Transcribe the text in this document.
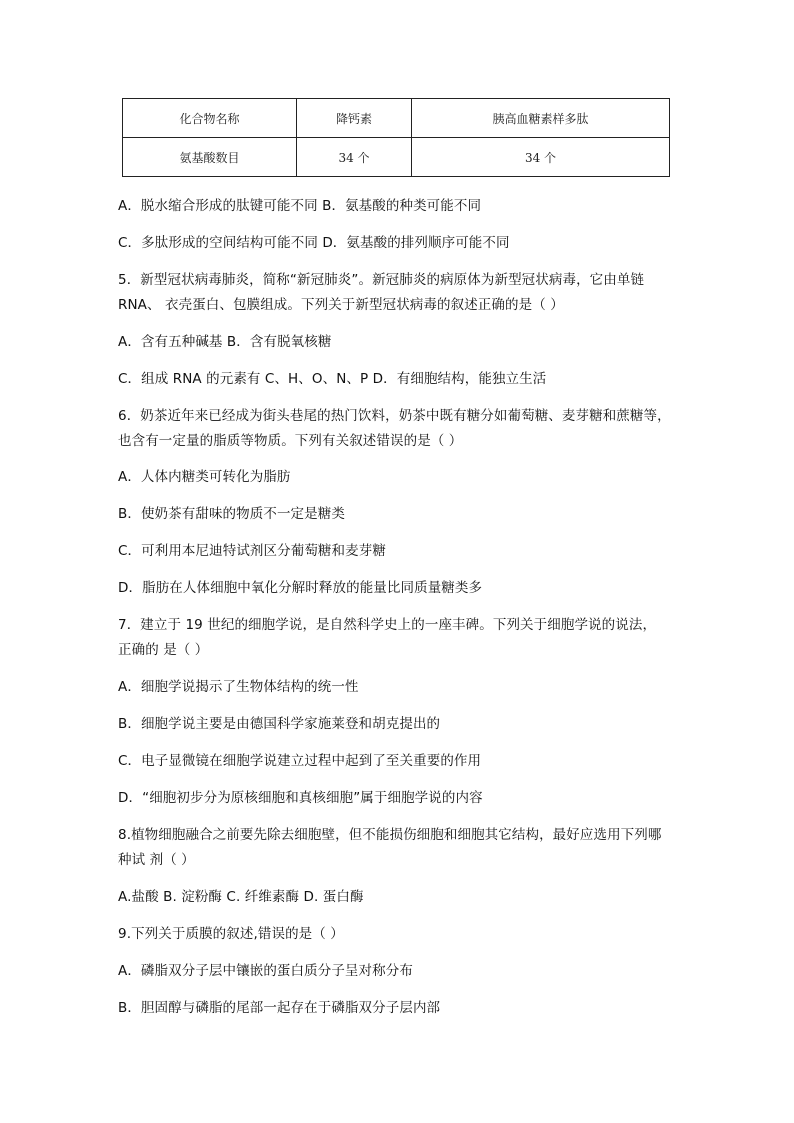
化合物名称	降钙素	胰高血糖素样多肽
氨基酸数目	34 个	34 个
A．脱水缩合形成的肽键可能不同 B．氨基酸的种类可能不同
C．多肽形成的空间结构可能不同 D．氨基酸的排列顺序可能不同
5．新型冠状病毒肺炎，简称“新冠肺炎”。新冠肺炎的病原体为新型冠状病毒，它由单链
RNA、 衣壳蛋白、包膜组成。下列关于新型冠状病毒的叙述正确的是（ ）
A．含有五种碱基 B．含有脱氧核糖
C．组成 RNA 的元素有 C、H、O、N、P D．有细胞结构，能独立生活
6．奶茶近年来已经成为街头巷尾的热门饮料，奶茶中既有糖分如葡萄糖、麦芽糖和蔗糖等，
也含有一定量的脂质等物质。下列有关叙述错误的是（ ）
A．人体内糖类可转化为脂肪
B．使奶茶有甜味的物质不一定是糖类
C．可利用本尼迪特试剂区分葡萄糖和麦芽糖
D．脂肪在人体细胞中氧化分解时释放的能量比同质量糖类多
7．建立于 19 世纪的细胞学说，是自然科学史上的一座丰碑。下列关于细胞学说的说法，
正确的 是（ ）
A．细胞学说揭示了生物体结构的统一性
B．细胞学说主要是由德国科学家施莱登和胡克提出的
C．电子显微镜在细胞学说建立过程中起到了至关重要的作用
D．“细胞初步分为原核细胞和真核细胞”属于细胞学说的内容
8.植物细胞融合之前要先除去细胞壁，但不能损伤细胞和细胞其它结构，最好应选用下列哪
种试 剂（ ）
A.盐酸 B. 淀粉酶 C. 纤维素酶 D. 蛋白酶
9.下列关于质膜的叙述,错误的是（ ）
A．磷脂双分子层中镶嵌的蛋白质分子呈对称分布
B．胆固醇与磷脂的尾部一起存在于磷脂双分子层内部
